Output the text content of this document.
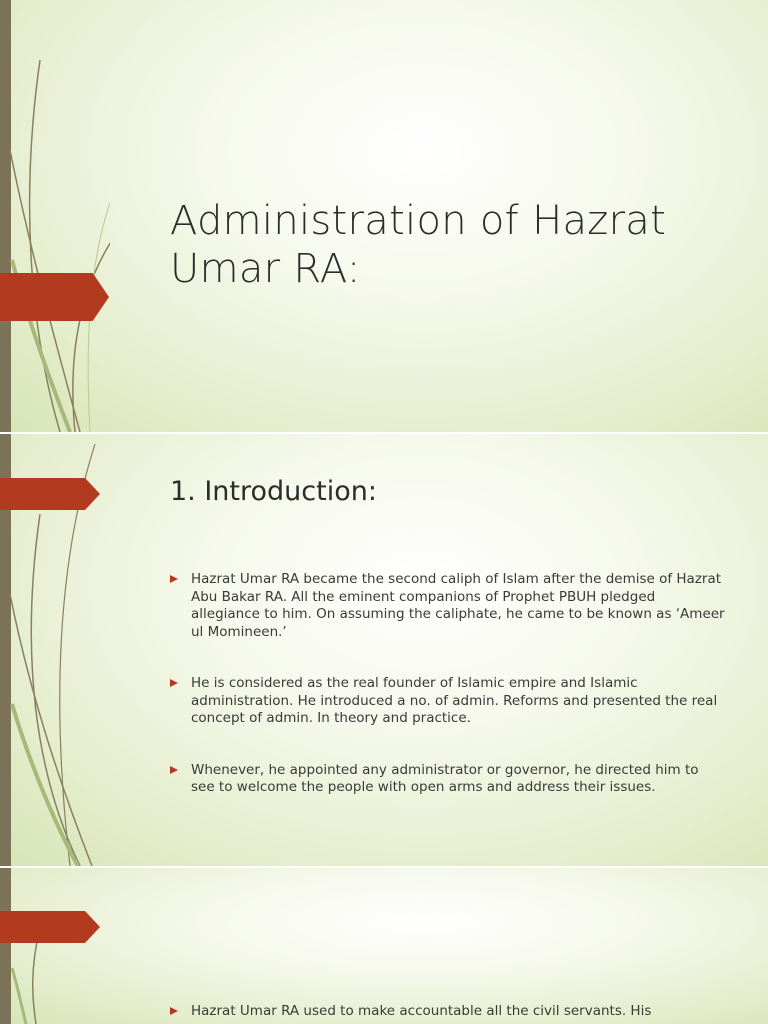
Administration of Hazrat Umar RA:
1. Introduction:
Hazrat Umar RA became the second caliph of Islam after the demise of Hazrat Abu Bakar RA. All the eminent companions of Prophet PBUH pledged allegiance to him. On assuming the caliphate, he came to be known as ‘Ameer ul Momineen.’
He is considered as the real founder of Islamic empire and Islamic administration. He introduced a no. of admin. Reforms and presented the real concept of admin. In theory and practice.
Whenever, he appointed any administrator or governor, he directed him to see to welcome the people with open arms and address their issues.
Hazrat Umar RA used to make accountable all the civil servants. His
